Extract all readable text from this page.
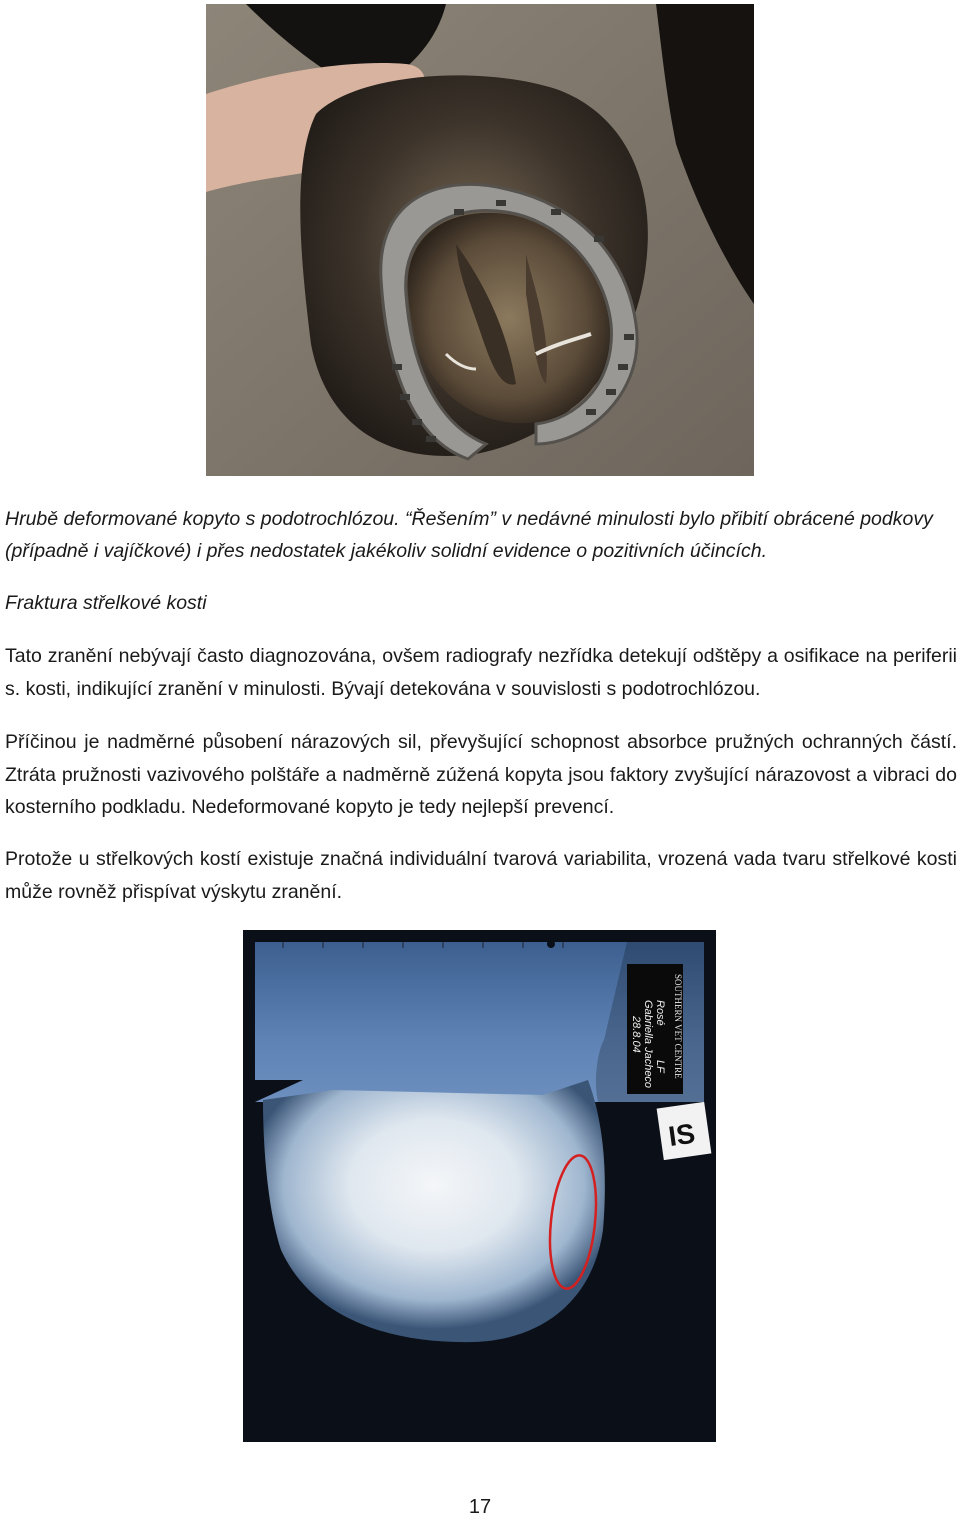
Hrubě deformované kopyto s podotrochlózou. “Řešením” v nedávné minulosti bylo přibití obrácené podkovy (případně i vajíčkové) i přes nedostatek jakékoliv solidní evidence o pozitivních účincích.

Fraktura střelkové kosti

Tato zranění nebývají často diagnozována, ovšem radiografy nezřídka detekují odštěpy a osifikace na periferii s. kosti, indikující zranění v minulosti. Bývají detekována v souvislosti s podotrochlózou.

Příčinou je nadměrné působení nárazových sil, převyšující schopnost absorbce pružných ochranných částí. Ztráta pružnosti vazivového polštáře a nadměrně zúžená kopyta jsou faktory zvyšující nárazovost a vibraci do kosterního podkladu. Nedeformované kopyto je tedy nejlepší prevencí.

Protože u střelkových kostí existuje značná individuální tvarová variabilita, vrozená vada tvaru střelkové kosti může rovněž přispívat výskytu zranění.

SOUTHERN VET CENTRE
Rosé
Gabriella Jacheco
28.8.04
LF
IS

17
